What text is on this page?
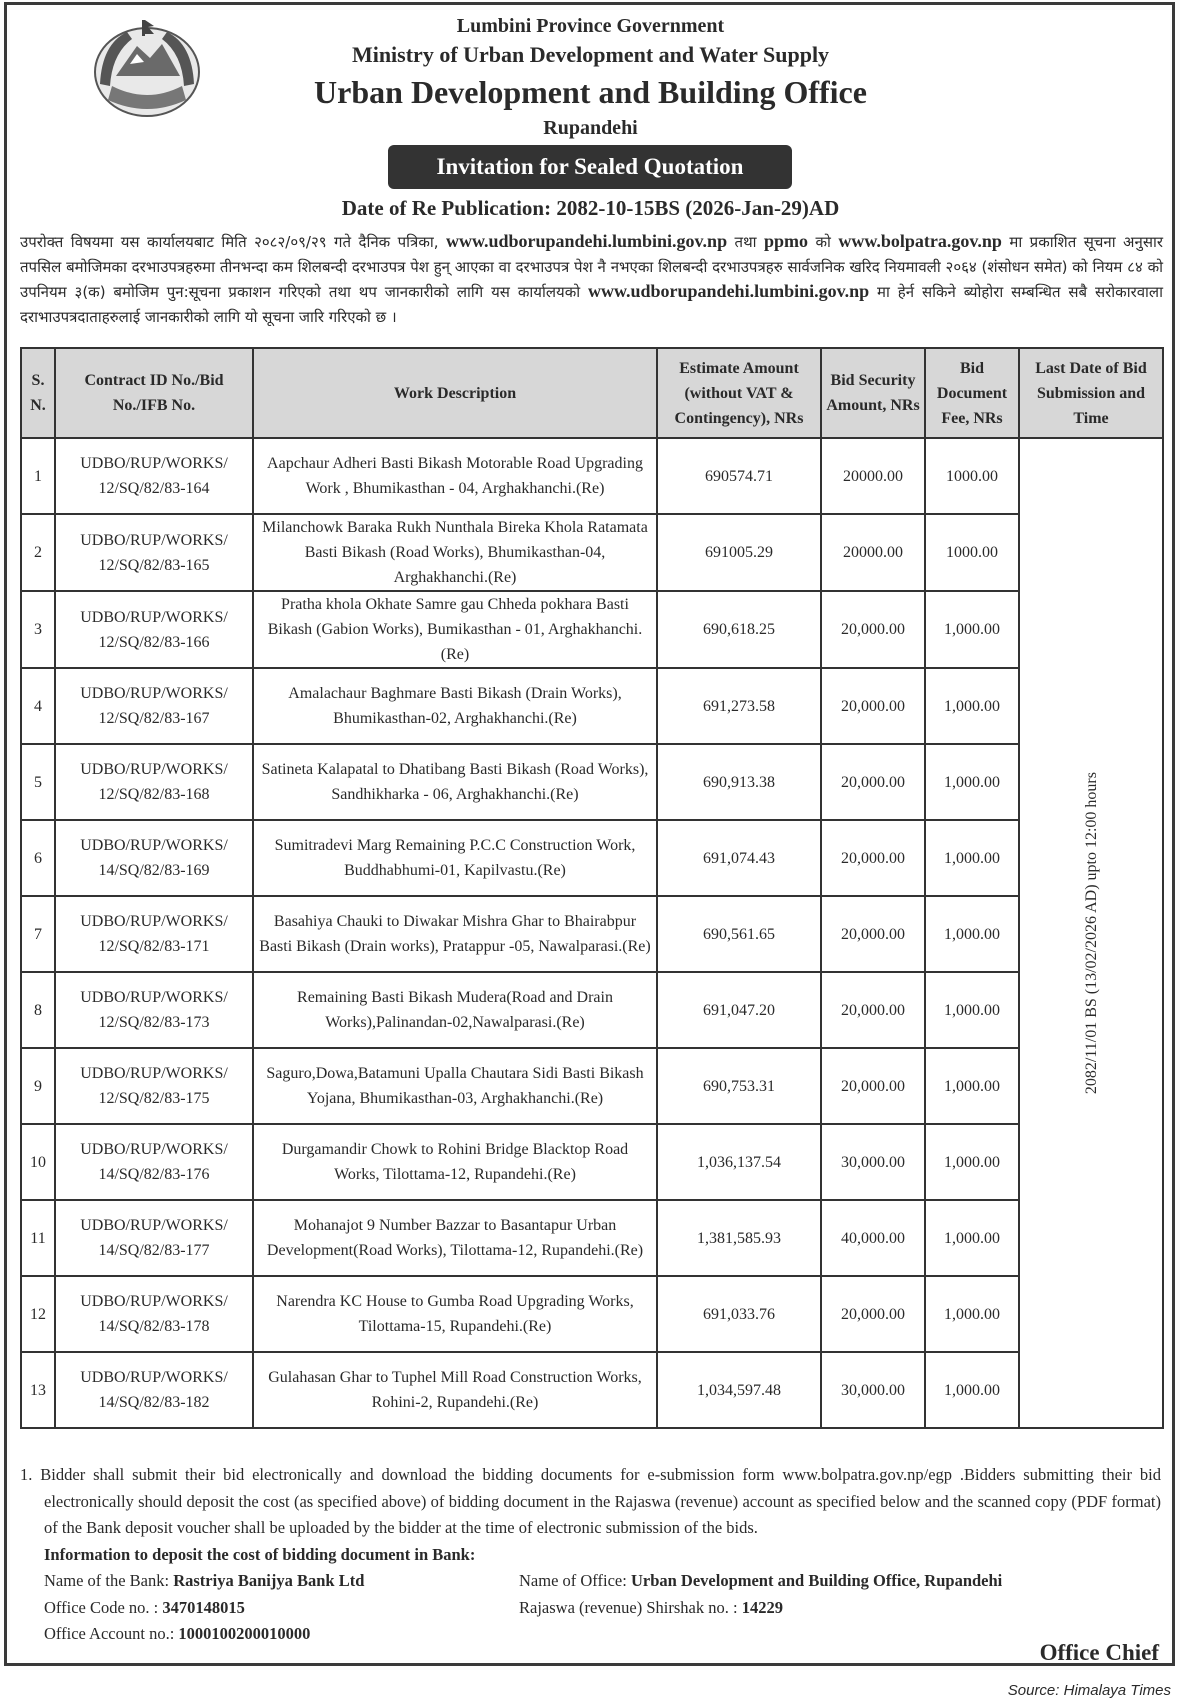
Lumbini Province Government
Ministry of Urban Development and Water Supply
Urban Development and Building Office
Rupandehi
Invitation for Sealed Quotation
Date of Re Publication: 2082-10-15BS (2026-Jan-29)AD
उपरोक्त विषयमा यस कार्यालयबाट मिति २०८२/०९/२९ गते दैनिक पत्रिका, www.udborupandehi.lumbini.gov.np तथा ppmo को www.bolpatra.gov.np मा प्रकाशित सूचना अनुसार तपसिल बमोजिमका दरभाउपत्रहरुमा तीनभन्दा कम शिलबन्दी दरभाउपत्र पेश हुन् आएका वा दरभाउपत्र पेश नै नभएका शिलबन्दी दरभाउपत्रहरु सार्वजनिक खरिद नियमावली २०६४ (शंसोधन समेत) को नियम ८४ को उपनियम ३(क) बमोजिम पुन:सूचना प्रकाशन गरिएको तथा थप जानकारीको लागि यस कार्यालयको www.udborupandehi.lumbini.gov.np मा हेर्न सकिने ब्योहोरा सम्बन्धित सबै सरोकारवाला दराभाउपत्रदाताहरुलाई जानकारीको लागि यो सूचना जारि गरिएको छ ।
S. N.	Contract ID No./Bid No./IFB No.	Work Description	Estimate Amount (without VAT & Contingency), NRs	Bid Security Amount, NRs	Bid Document Fee, NRs	Last Date of Bid Submission and Time
1	UDBO/RUP/WORKS/ 12/SQ/82/83-164	Aapchaur Adheri Basti Bikash Motorable Road Upgrading Work , Bhumikasthan - 04, Arghakhanchi.(Re)	690574.71	20000.00	1000.00	2082/11/01 BS (13/02/2026 AD) upto 12:00 hours

2	UDBO/RUP/WORKS/ 12/SQ/82/83-165	Milanchowk Baraka Rukh Nunthala Bireka Khola Ratamata Basti Bikash (Road Works), Bhumikasthan-04, Arghakhanchi.(Re)	691005.29	20000.00	1000.00	
3	UDBO/RUP/WORKS/ 12/SQ/82/83-166	Pratha khola Okhate Samre gau Chheda pokhara Basti Bikash (Gabion Works), Bumikasthan - 01, Arghakhanchi.(Re)	690,618.25	20,000.00	1,000.00	
4	UDBO/RUP/WORKS/ 12/SQ/82/83-167	Amalachaur Baghmare Basti Bikash (Drain Works), Bhumikasthan-02, Arghakhanchi.(Re)	691,273.58	20,000.00	1,000.00	
5	UDBO/RUP/WORKS/ 12/SQ/82/83-168	Satineta Kalapatal to Dhatibang Basti Bikash (Road Works), Sandhikharka - 06, Arghakhanchi.(Re)	690,913.38	20,000.00	1,000.00	
6	UDBO/RUP/WORKS/ 14/SQ/82/83-169	Sumitradevi Marg Remaining P.C.C Construction Work, Buddhabhumi-01, Kapilvastu.(Re)	691,074.43	20,000.00	1,000.00	
7	UDBO/RUP/WORKS/ 12/SQ/82/83-171	Basahiya Chauki to Diwakar Mishra Ghar to Bhairabpur Basti Bikash (Drain works), Pratappur -05, Nawalparasi.(Re)	690,561.65	20,000.00	1,000.00	
8	UDBO/RUP/WORKS/ 12/SQ/82/83-173	Remaining Basti Bikash Mudera(Road and Drain Works),Palinandan-02,Nawalparasi.(Re)	691,047.20	20,000.00	1,000.00	
9	UDBO/RUP/WORKS/ 12/SQ/82/83-175	Saguro,Dowa,Batamuni Upalla Chautara Sidi Basti Bikash Yojana, Bhumikasthan-03, Arghakhanchi.(Re)	690,753.31	20,000.00	1,000.00	
10	UDBO/RUP/WORKS/ 14/SQ/82/83-176	Durgamandir Chowk to Rohini Bridge Blacktop Road Works, Tilottama-12, Rupandehi.(Re)	1,036,137.54	30,000.00	1,000.00	
11	UDBO/RUP/WORKS/ 14/SQ/82/83-177	Mohanajot 9 Number Bazzar to Basantapur Urban Development(Road Works), Tilottama-12, Rupandehi.(Re)	1,381,585.93	40,000.00	1,000.00	
12	UDBO/RUP/WORKS/ 14/SQ/82/83-178	Narendra KC House to Gumba Road Upgrading Works, Tilottama-15, Rupandehi.(Re)	691,033.76	20,000.00	1,000.00	
13	UDBO/RUP/WORKS/ 14/SQ/82/83-182	Gulahasan Ghar to Tuphel Mill Road Construction Works, Rohini-2, Rupandehi.(Re)	1,034,597.48	30,000.00	1,000.00	
1. Bidder shall submit their bid electronically and download the bidding documents for e-submission form www.bolpatra.gov.np/egp .Bidders submitting their bid electronically should deposit the cost (as specified above) of bidding document in the Rajaswa (revenue) account as specified below and the scanned copy (PDF format) of the Bank deposit voucher shall be uploaded by the bidder at the time of electronic submission of the bids.
Information to deposit the cost of bidding document in Bank:
Name of the Bank: Rastriya Banijya Bank Ltd	Name of Office: Urban Development and Building Office, Rupandehi
Office Code no. : 3470148015	Rajaswa (revenue) Shirshak no. : 14229
Office Account no.: 1000100200010000
Office Chief
Source: Himalaya Times
